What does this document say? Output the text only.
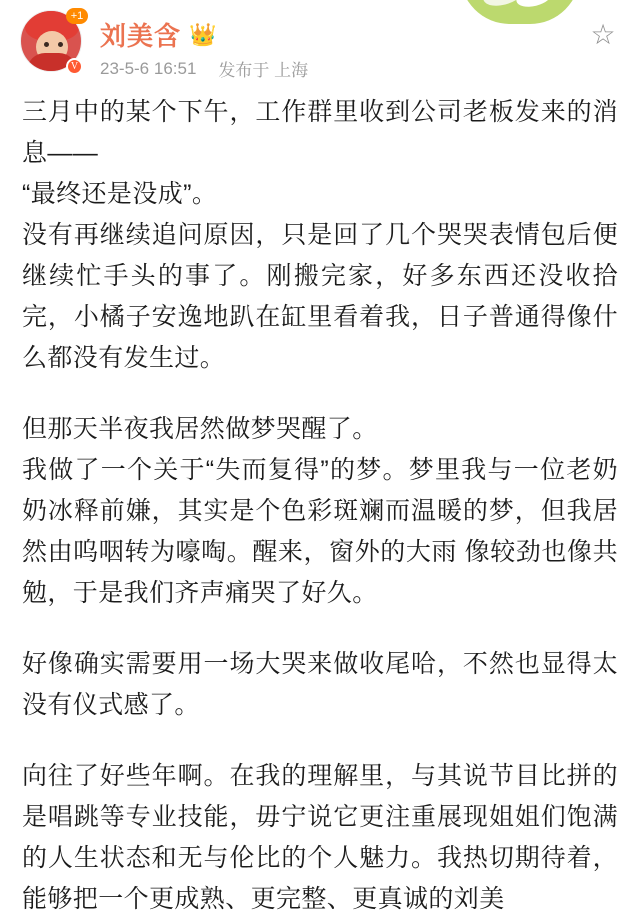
+1
V
刘美含 👑
23-5-6 16:51 发布于 上海
☆

三月中的某个下午，工作群里收到公司老板发来的消息——

“最终还是没成”。

没有再继续追问原因，只是回了几个哭哭表情包后便继续忙手头的事了。刚搬完家，好多东西还没收拾完，小橘子安逸地趴在缸里看着我，日子普通得像什么都没有发生过。

但那天半夜我居然做梦哭醒了。

我做了一个关于“失而复得”的梦。梦里我与一位老奶奶冰释前嫌，其实是个色彩斑斓而温暖的梦，但我居然由呜咽转为嚎啕。醒来，窗外的大雨 像较劲也像共勉，于是我们齐声痛哭了好久。

好像确实需要用一场大哭来做收尾哈，不然也显得太没有仪式感了。

向往了好些年啊。在我的理解里，与其说节目比拼的是唱跳等专业技能，毋宁说它更注重展现姐姐们饱满的人生状态和无与伦比的个人魅力。我热切期待着，能够把一个更成熟、更完整、更真诚的刘美
